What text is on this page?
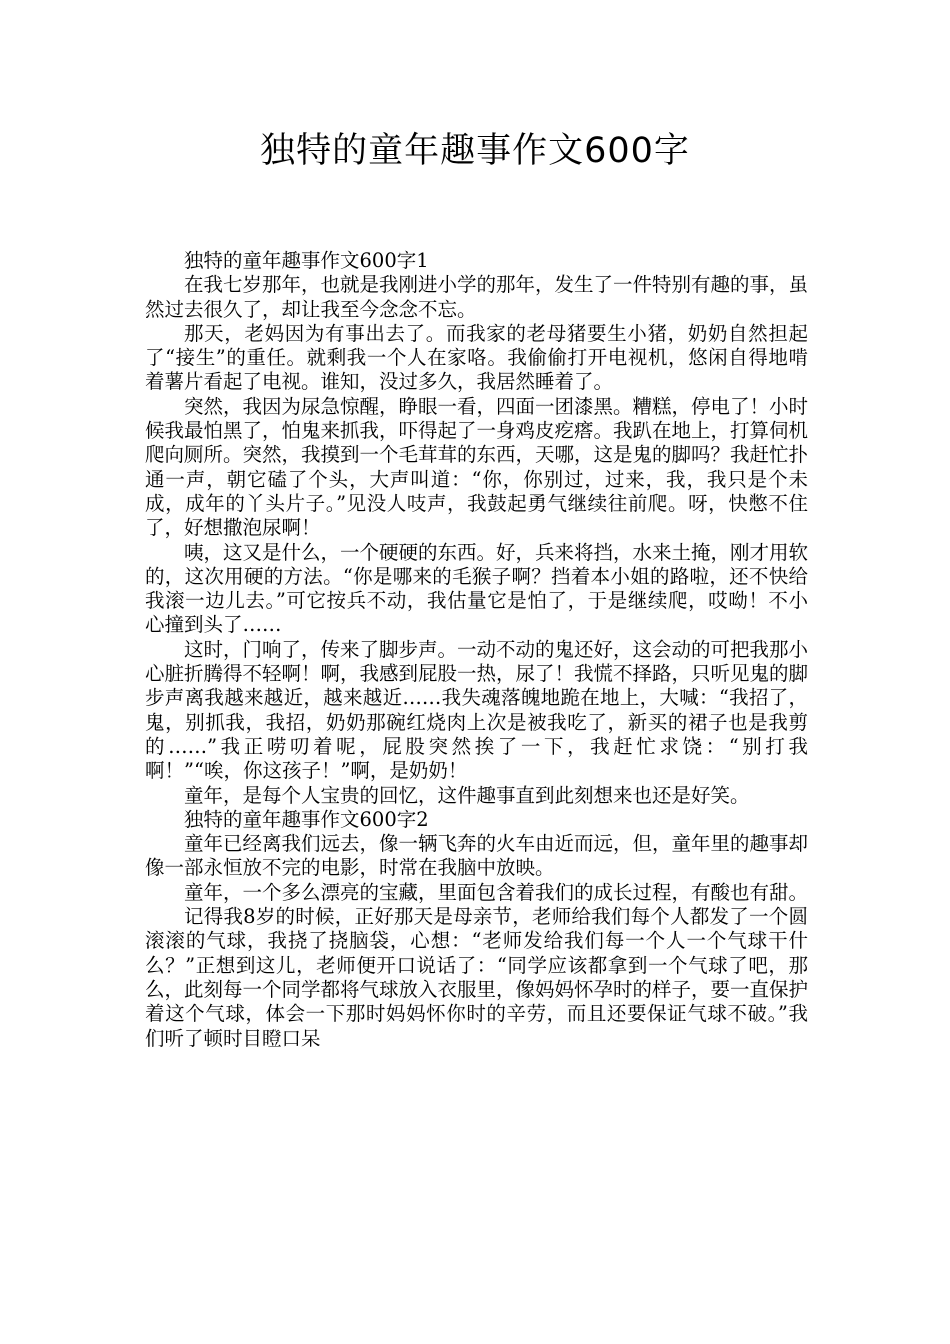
独特的童年趣事作文600字

独特的童年趣事作文600字1

在我七岁那年，也就是我刚进小学的那年，发生了一件特别有趣的事，虽然过去很久了，却让我至今念念不忘。

那天，老妈因为有事出去了。而我家的老母猪要生小猪，奶奶自然担起了“接生”的重任。就剩我一个人在家咯。我偷偷打开电视机，悠闲自得地啃着薯片看起了电视。谁知，没过多久，我居然睡着了。

突然，我因为尿急惊醒，睁眼一看，四面一团漆黑。糟糕，停电了！小时候我最怕黑了，怕鬼来抓我，吓得起了一身鸡皮疙瘩。我趴在地上，打算伺机爬向厕所。突然，我摸到一个毛茸茸的东西，天哪，这是鬼的脚吗？我赶忙扑通一声，朝它磕了个头，大声叫道：“你，你别过，过来，我，我只是个未成，成年的丫头片子。”见没人吱声，我鼓起勇气继续往前爬。呀，快憋不住了，好想撒泡尿啊！

咦，这又是什么，一个硬硬的东西。好，兵来将挡，水来土掩，刚才用软的，这次用硬的方法。“你是哪来的毛猴子啊？挡着本小姐的路啦，还不快给我滚一边儿去。”可它按兵不动，我估量它是怕了，于是继续爬，哎呦！不小心撞到头了……

这时，门响了，传来了脚步声。一动不动的鬼还好，这会动的可把我那小心脏折腾得不轻啊！啊，我感到屁股一热，尿了！我慌不择路，只听见鬼的脚步声离我越来越近，越来越近……我失魂落魄地跪在地上，大喊：“我招了，鬼，别抓我，我招，奶奶那碗红烧肉上次是被我吃了，新买的裙子也是我剪的……”我正唠叨着呢，屁股突然挨了一下，我赶忙求饶：“别打我啊！”“唉，你这孩子！”啊，是奶奶！

童年，是每个人宝贵的回忆，这件趣事直到此刻想来也还是好笑。

独特的童年趣事作文600字2

童年已经离我们远去，像一辆飞奔的火车由近而远，但，童年里的趣事却像一部永恒放不完的电影，时常在我脑中放映。

童年，一个多么漂亮的宝藏，里面包含着我们的成长过程，有酸也有甜。

记得我8岁的时候，正好那天是母亲节，老师给我们每个人都发了一个圆滚滚的气球，我挠了挠脑袋，心想：“老师发给我们每一个人一个气球干什么？”正想到这儿，老师便开口说话了：“同学应该都拿到一个气球了吧，那么，此刻每一个同学都将气球放入衣服里，像妈妈怀孕时的样子，要一直保护着这个气球，体会一下那时妈妈怀你时的辛劳，而且还要保证气球不破。”我们听了顿时目瞪口呆
